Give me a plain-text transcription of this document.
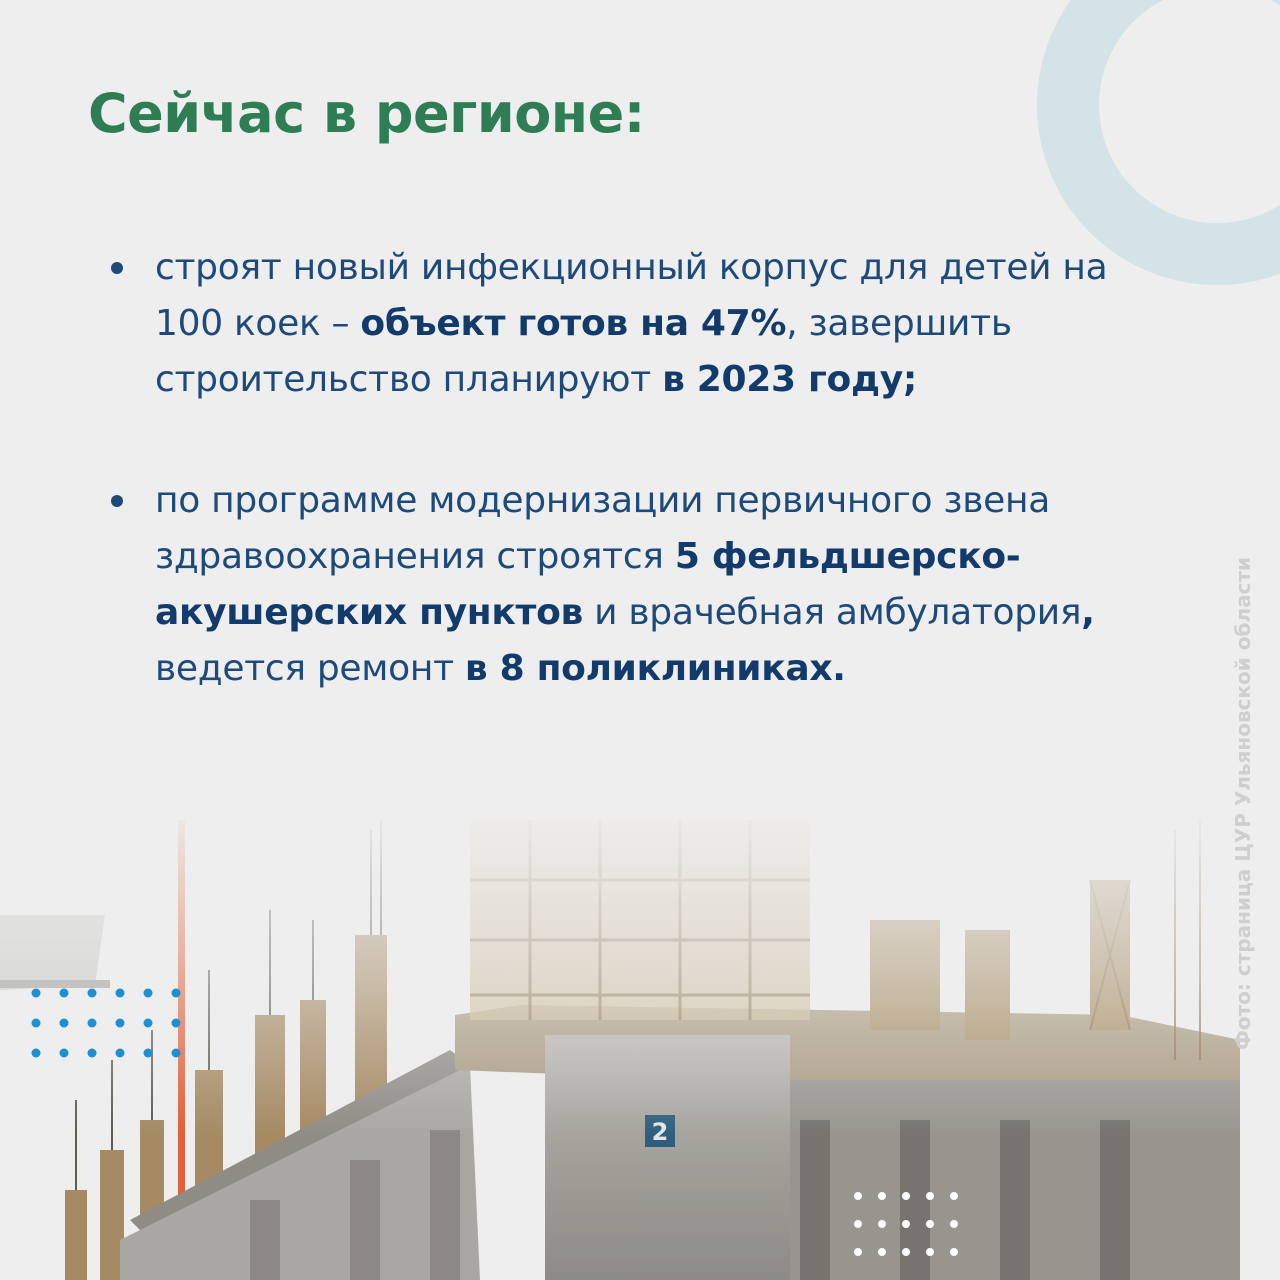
Сейчас в регионе:
строят новый инфекционный корпус для детей на 100 коек – объект готов на 47%, завершить строительство планируют в 2023 году;
по программе модернизации первичного звена здравоохранения строятся 5 фельдшерско-акушерских пунктов и врачебная амбулатория, ведется ремонт в 8 поликлиниках.	Фото: страница ЦУР Ульяновской области
